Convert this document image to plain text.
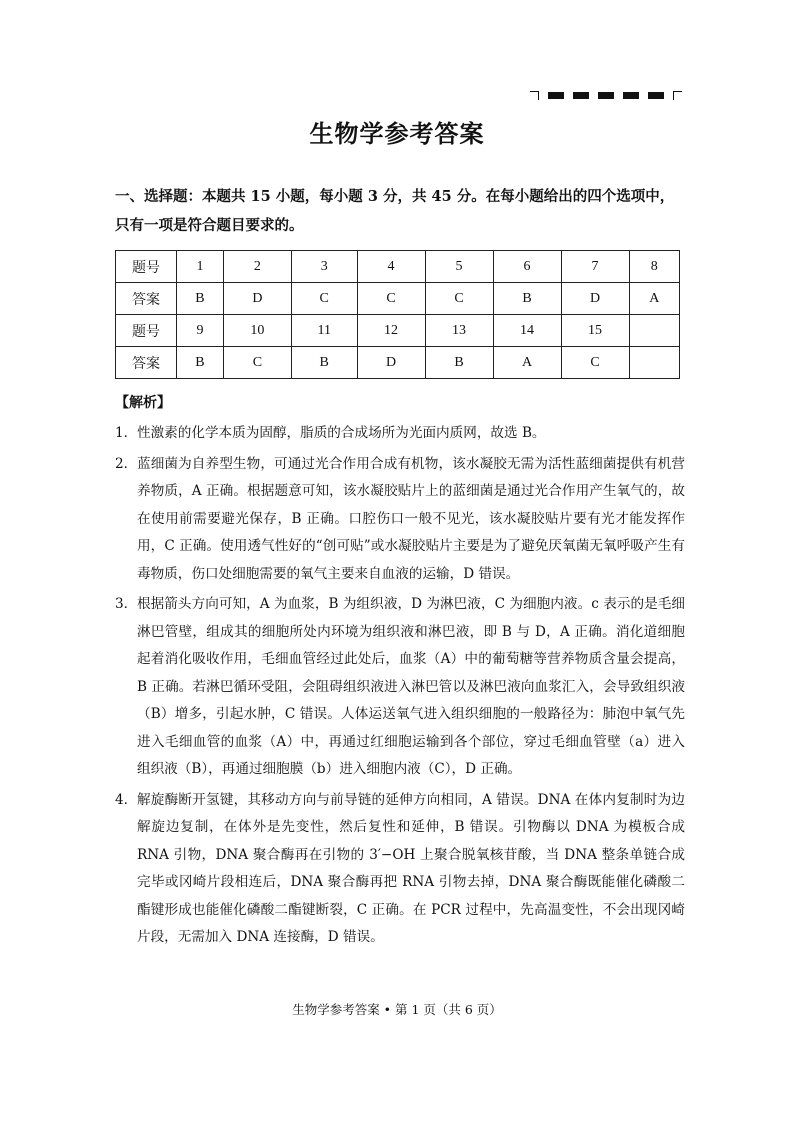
生物学参考答案
一、选择题：本题共 15 小题，每小题 3 分，共 45 分。在每小题给出的四个选项中，只有一项是符合题目要求的。
题号	1	2	3	4	5	6	7	8
答案	B	D	C	C	C	B	D	A
题号	9	10	11	12	13	14	15	
答案	B	C	B	D	B	A	C	
【解析】
1． 性激素的化学本质为固醇，脂质的合成场所为光面内质网，故选 B。
2． 蓝细菌为自养型生物，可通过光合作用合成有机物，该水凝胶无需为活性蓝细菌提供有机营养物质，A 正确。根据题意可知，该水凝胶贴片上的蓝细菌是通过光合作用产生氧气的，故在使用前需要避光保存，B 正确。口腔伤口一般不见光，该水凝胶贴片要有光才能发挥作用，C 正确。使用透气性好的“创可贴”或水凝胶贴片主要是为了避免厌氧菌无氧呼吸产生有毒物质，伤口处细胞需要的氧气主要来自血液的运输，D 错误。
3． 根据箭头方向可知，A 为血浆，B 为组织液，D 为淋巴液，C 为细胞内液。c 表示的是毛细淋巴管壁，组成其的细胞所处内环境为组织液和淋巴液，即 B 与 D，A 正确。消化道细胞起着消化吸收作用，毛细血管经过此处后，血浆（A）中的葡萄糖等营养物质含量会提高，B 正确。若淋巴循环受阻，会阻碍组织液进入淋巴管以及淋巴液向血浆汇入，会导致组织液（B）增多，引起水肿，C 错误。人体运送氧气进入组织细胞的一般路径为：肺泡中氧气先进入毛细血管的血浆（A）中，再通过红细胞运输到各个部位，穿过毛细血管壁（a）进入组织液（B），再通过细胞膜（b）进入细胞内液（C），D 正确。
4． 解旋酶断开氢键，其移动方向与前导链的延伸方向相同，A 错误。DNA 在体内复制时为边解旋边复制，在体外是先变性，然后复性和延伸，B 错误。引物酶以 DNA 为模板合成 RNA 引物，DNA 聚合酶再在引物的 3′−OH 上聚合脱氧核苷酸，当 DNA 整条单链合成完毕或冈崎片段相连后，DNA 聚合酶再把 RNA 引物去掉，DNA 聚合酶既能催化磷酸二酯键形成也能催化磷酸二酯键断裂，C 正确。在 PCR 过程中，先高温变性，不会出现冈崎片段，无需加入 DNA 连接酶，D 错误。
生物学参考答案 • 第 1 页（共 6 页）
